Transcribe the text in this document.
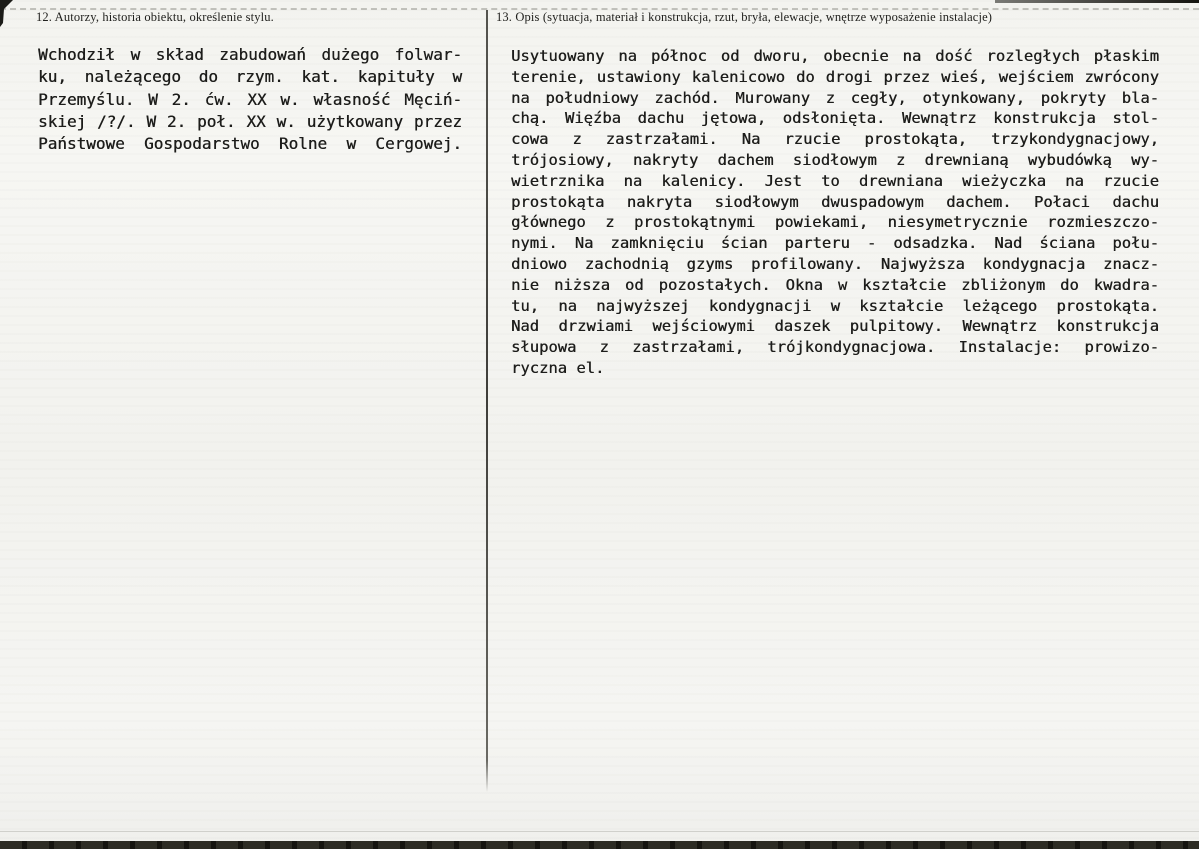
12. Autorzy, historia obiektu, określenie stylu.	13. Opis (sytuacja, materiał i konstrukcja, rzut, bryła, elewacje, wnętrze wyposażenie instalacje)
Wchodził w skład zabudowań dużego folwar-
ku, należącego do rzym. kat. kapituły w
Przemyślu. W 2. ćw. XX w. własność Męciń-
skiej /?/. W 2. poł. XX w. użytkowany przez
Państwowe Gospodarstwo Rolne w Cergowej.
Usytuowany na północ od dworu, obecnie na dość rozległych płaskim
terenie, ustawiony kalenicowo do drogi przez wieś, wejściem zwrócony
na południowy zachód. Murowany z cegły, otynkowany, pokryty bla-
chą. Więźba dachu jętowa, odsłonięta. Wewnątrz konstrukcja stol-
cowa z zastrzałami. Na rzucie prostokąta, trzykondygnacjowy,
trójosiowy, nakryty dachem siodłowym z drewnianą wybudówką wy-
wietrznika na kalenicy. Jest to drewniana wieżyczka na rzucie
prostokąta nakryta siodłowym dwuspadowym dachem. Połaci dachu
głównego z prostokątnymi powiekami, niesymetrycznie rozmieszczo-
nymi. Na zamknięciu ścian parteru - odsadzka. Nad ściana połu-
dniowo zachodnią gzyms profilowany. Najwyższa kondygnacja znacz-
nie niższa od pozostałych. Okna w kształcie zbliżonym do kwadra-
tu, na najwyższej kondygnacji w kształcie leżącego prostokąta.
Nad drzwiami wejściowymi daszek pulpitowy. Wewnątrz konstrukcja
słupowa z zastrzałami, trójkondygnacjowa. Instalacje: prowizo-
ryczna el.
